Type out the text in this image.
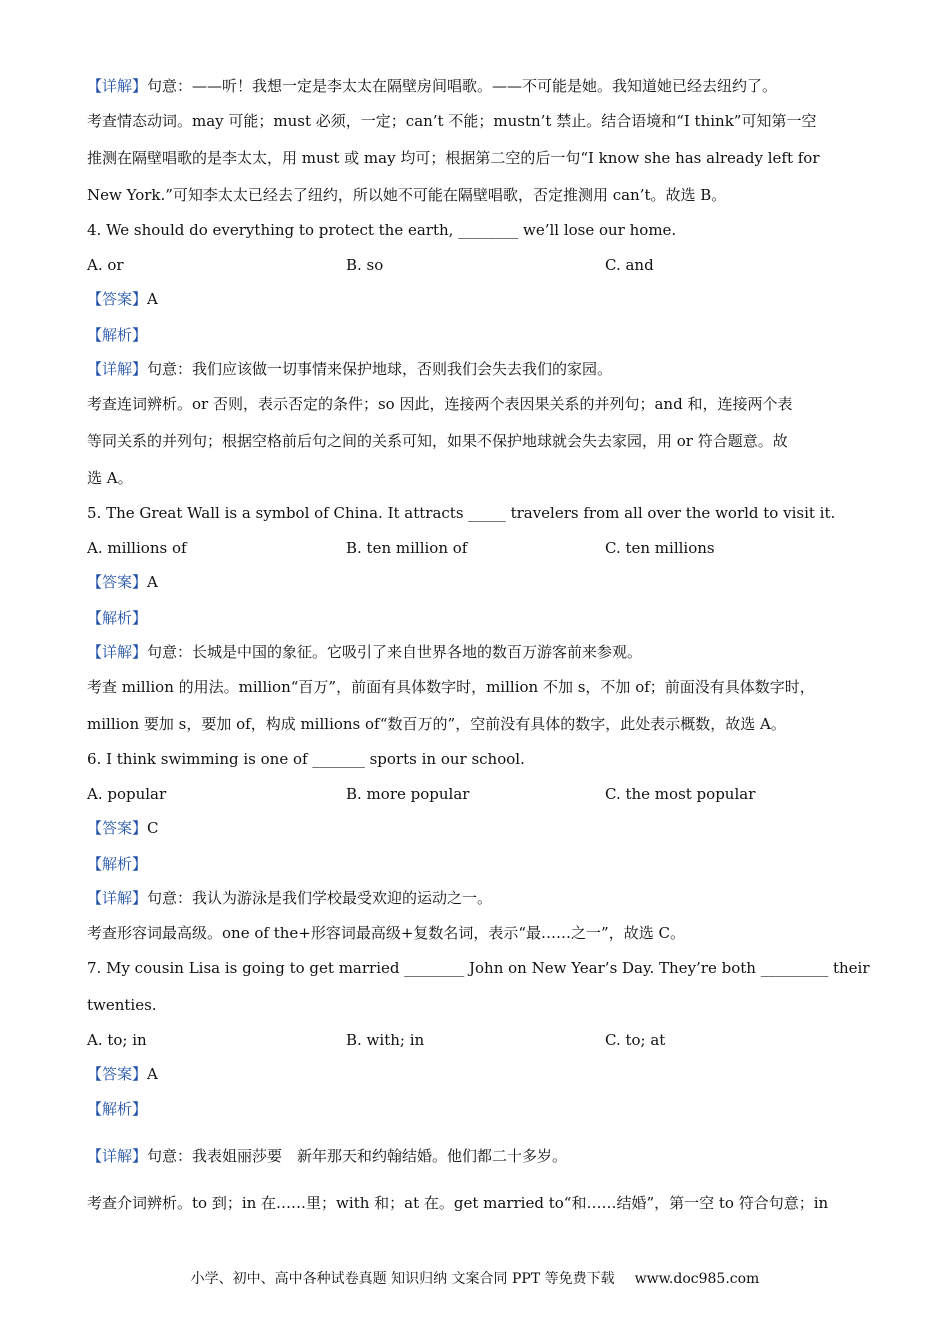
【详解】句意：——听！我想一定是李太太在隔壁房间唱歌。——不可能是她。我知道她已经去纽约了。
考查情态动词。may 可能；must 必须，一定；can’t 不能；mustn’t 禁止。结合语境和“I think”可知第一空
推测在隔壁唱歌的是李太太，用 must 或 may 均可；根据第二空的后一句“I know she has already left for
New York.”可知李太太已经去了纽约，所以她不可能在隔壁唱歌，否定推测用 can’t。故选 B。
4. We should do everything to protect the earth, ________ we’ll lose our home.
A. or	B. so	C. and
【答案】A
【解析】
【详解】句意：我们应该做一切事情来保护地球，否则我们会失去我们的家园。
考查连词辨析。or 否则，表示否定的条件；so 因此，连接两个表因果关系的并列句；and 和，连接两个表
等同关系的并列句；根据空格前后句之间的关系可知，如果不保护地球就会失去家园，用 or 符合题意。故
选 A。
5. The Great Wall is a symbol of China. It attracts _____ travelers from all over the world to visit it.
A. millions of	B. ten million of	C. ten millions
【答案】A
【解析】
【详解】句意：长城是中国的象征。它吸引了来自世界各地的数百万游客前来参观。
考查 million 的用法。million“百万”，前面有具体数字时，million 不加 s，不加 of；前面没有具体数字时，
million 要加 s，要加 of，构成 millions of“数百万的”，空前没有具体的数字，此处表示概数，故选 A。
6. I think swimming is one of _______ sports in our school.
A. popular	B. more popular	C. the most popular
【答案】C
【解析】
【详解】句意：我认为游泳是我们学校最受欢迎的运动之一。
考查形容词最高级。one of the+形容词最高级+复数名词，表示“最……之一”，故选 C。
7. My cousin Lisa is going to get married ________ John on New Year’s Day. They’re both _________ their
twenties.
A. to; in	B. with; in	C. to; at
【答案】A
【解析】
【详解】句意：我表姐丽莎要　新年那天和约翰结婚。他们都二十多岁。
考查介词辨析。to 到；in 在……里；with 和；at 在。get married to“和……结婚”，第一空 to 符合句意；in
小学、初中、高中各种试卷真题 知识归纳 文案合同 PPT 等免费下载 www.doc985.com
